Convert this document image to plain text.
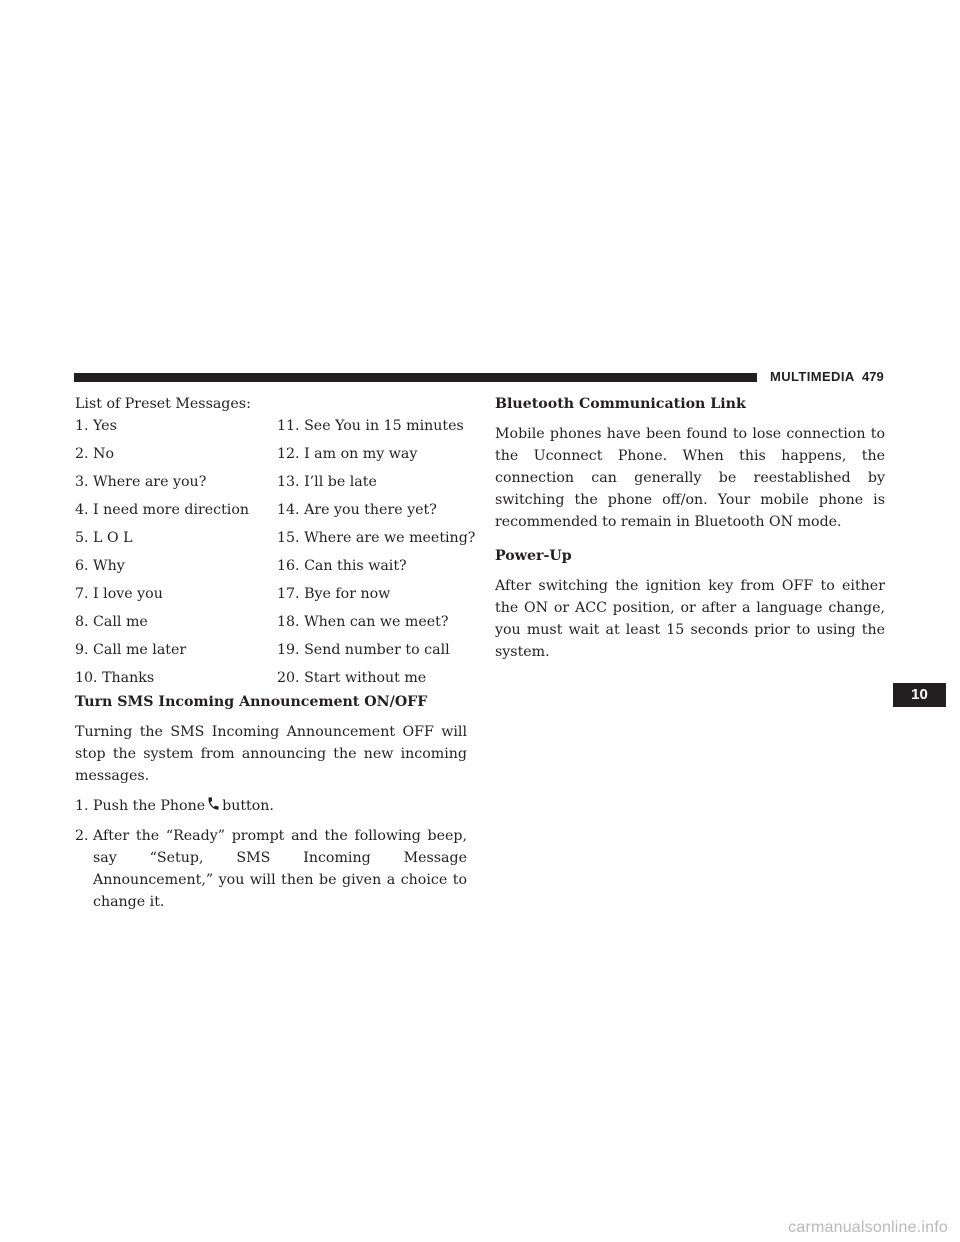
MULTIMEDIA 479

List of Preset Messages:

1. Yes	11. See You in 15 minutes
2. No	12. I am on my way
3. Where are you?	13. I’ll be late
4. I need more direction	14. Are you there yet?
5. L O L	15. Where are we meeting?
6. Why	16. Can this wait?
7. I love you	17. Bye for now
8. Call me	18. When can we meet?
9. Call me later	19. Send number to call
10. Thanks	20. Start without me
Turn SMS Incoming Announcement ON/OFF

Turning the SMS Incoming Announcement OFF will stop the system from announcing the new incoming messages.

1. Push the Phone button.
2. After the “Ready” prompt and the following beep, say “Setup, SMS Incoming Message Announcement,” you will then be given a choice to change it.
Bluetooth Communication Link

Mobile phones have been found to lose connection to the Uconnect Phone. When this happens, the connection can generally be reestablished by switching the phone off/on. Your mobile phone is recommended to remain in Bluetooth ON mode.

Power-Up

After switching the ignition key from OFF to either the ON or ACC position, or after a language change, you must wait at least 15 seconds prior to using the system.

10
carmanualsonline.info
